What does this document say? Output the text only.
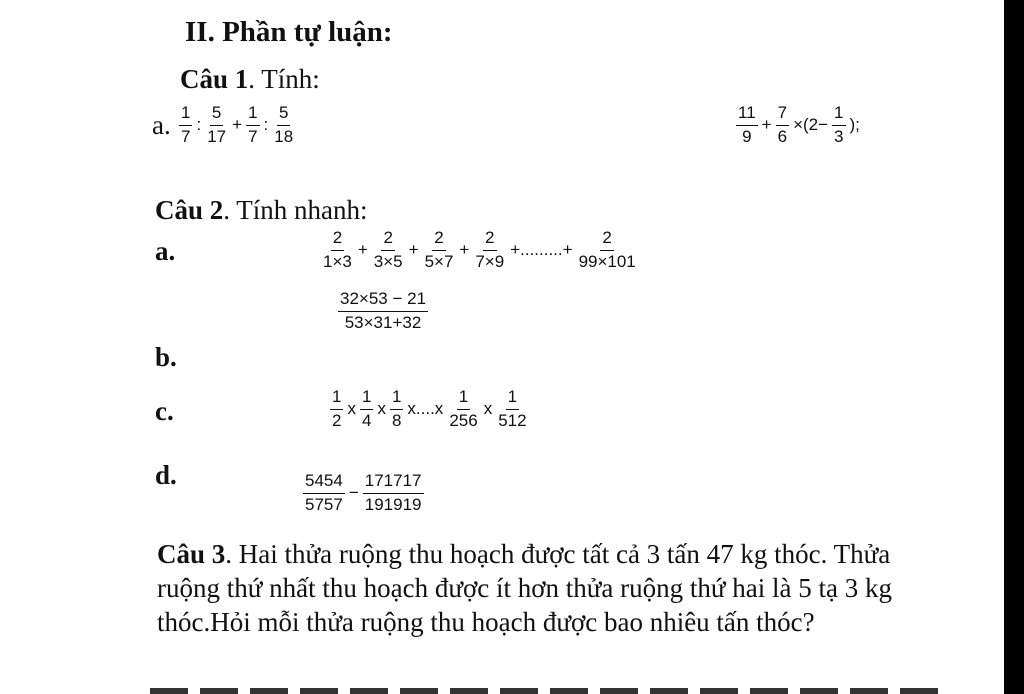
II. Phần tự luận:
Câu 1. Tính:
a. $\frac{1}{7}$ : $\frac{5}{17} + \frac{1}{7}$ : $\frac{5}{18}$	$\frac{11}{9} + \frac{7}{6} \times(2- \frac{1}{3}$ );
Câu 2. Tính nhanh:
a.	$\frac{2}{1\times 3} + \frac{2}{3\times 5} + \frac{2}{5\times 7} + \frac{2}{7\times 9}$ +.........+ $\frac{2}{99\times 101}$
$\frac{32\times 53 - 21}{53\times 31+32}$
b.
c.	$\frac{1}{2}$ x $\frac{1}{4}$ x $\frac{1}{8} x....x \frac{1}{256}$ x $\frac{1}{512}$
d.	$\frac{5454}{5757} - \frac{171717}{191919}$
Câu 3. Hai thửa ruộng thu hoạch được tất cả 3 tấn 47 kg thóc. Thửa ruộng thứ nhất thu hoạch được ít hơn thửa ruộng thứ hai là 5 tạ 3 kg thóc.Hỏi mỗi thửa ruộng thu hoạch được bao nhiêu tấn thóc?
